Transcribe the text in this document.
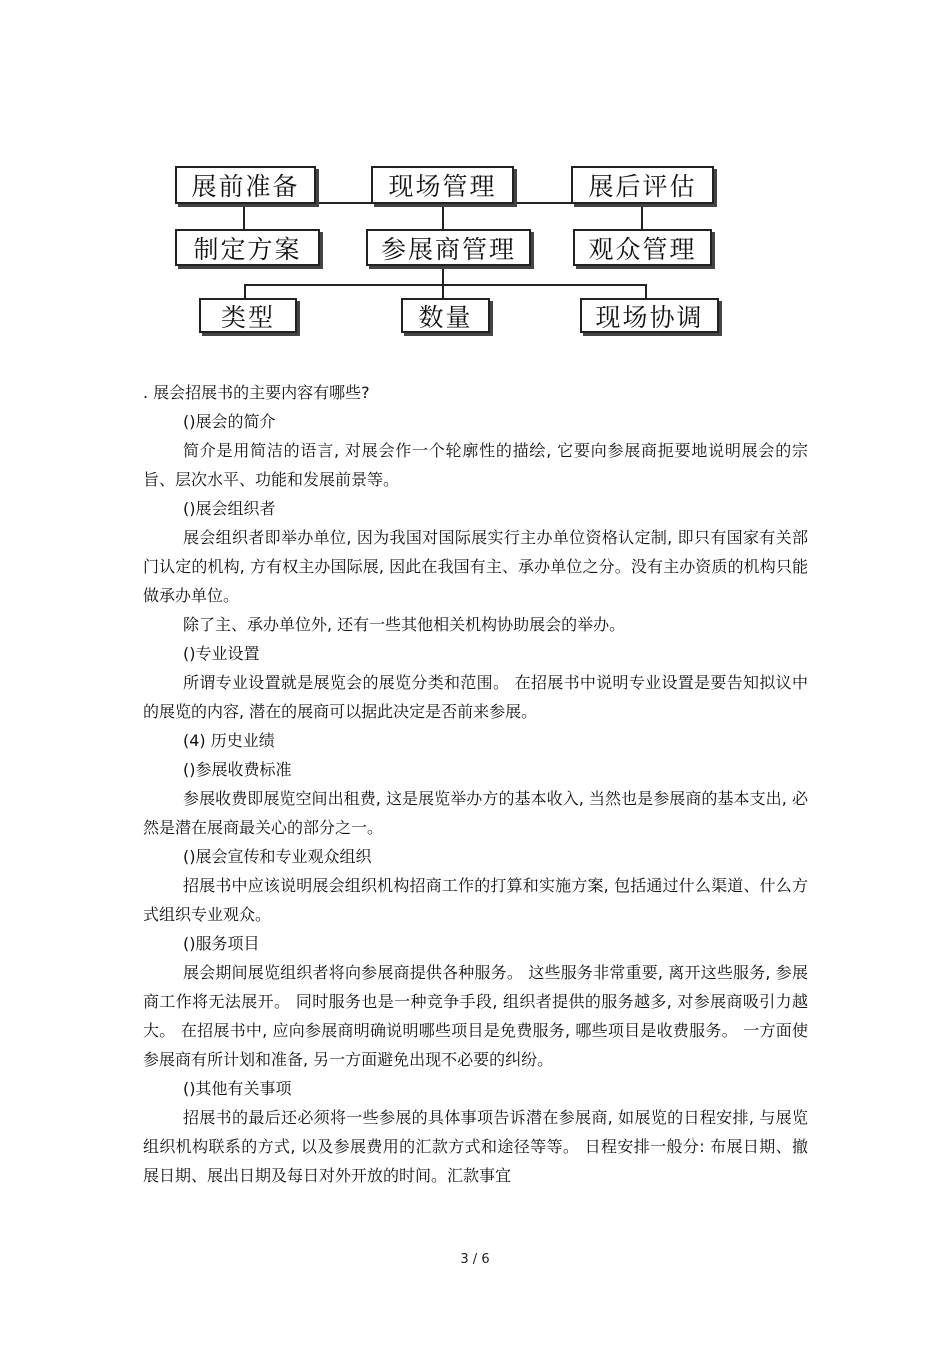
展前准备	现场管理	展后评估
制定方案	参展商管理	观众管理
类型	数量	现场协调

. 展会招展书的主要内容有哪些?

()展会的简介

简介是用简洁的语言, 对展会作一个轮廓性的描绘, 它要向参展商扼要地说明展会的宗旨、层次水平、功能和发展前景等。

()展会组织者

展会组织者即举办单位, 因为我国对国际展实行主办单位资格认定制, 即只有国家有关部门认定的机构, 方有权主办国际展, 因此在我国有主、承办单位之分。没有主办资质的机构只能做承办单位。

除了主、承办单位外, 还有一些其他相关机构协助展会的举办。

()专业设置

所谓专业设置就是展览会的展览分类和范围。 在招展书中说明专业设置是要告知拟议中的展览的内容, 潜在的展商可以据此决定是否前来参展。

(4) 历史业绩

()参展收费标准

参展收费即展览空间出租费, 这是展览举办方的基本收入, 当然也是参展商的基本支出, 必然是潜在展商最关心的部分之一。

()展会宣传和专业观众组织

招展书中应该说明展会组织机构招商工作的打算和实施方案, 包括通过什么渠道、什么方式组织专业观众。

()服务项目

展会期间展览组织者将向参展商提供各种服务。 这些服务非常重要, 离开这些服务, 参展商工作将无法展开。 同时服务也是一种竞争手段, 组织者提供的服务越多, 对参展商吸引力越大。 在招展书中, 应向参展商明确说明哪些项目是免费服务, 哪些项目是收费服务。 一方面使参展商有所计划和准备, 另一方面避免出现不必要的纠纷。

()其他有关事项

招展书的最后还必须将一些参展的具体事项告诉潜在参展商, 如展览的日程安排, 与展览组织机构联系的方式, 以及参展费用的汇款方式和途径等等。 日程安排一般分: 布展日期、撤展日期、展出日期及每日对外开放的时间。汇款事宜

3 / 6
